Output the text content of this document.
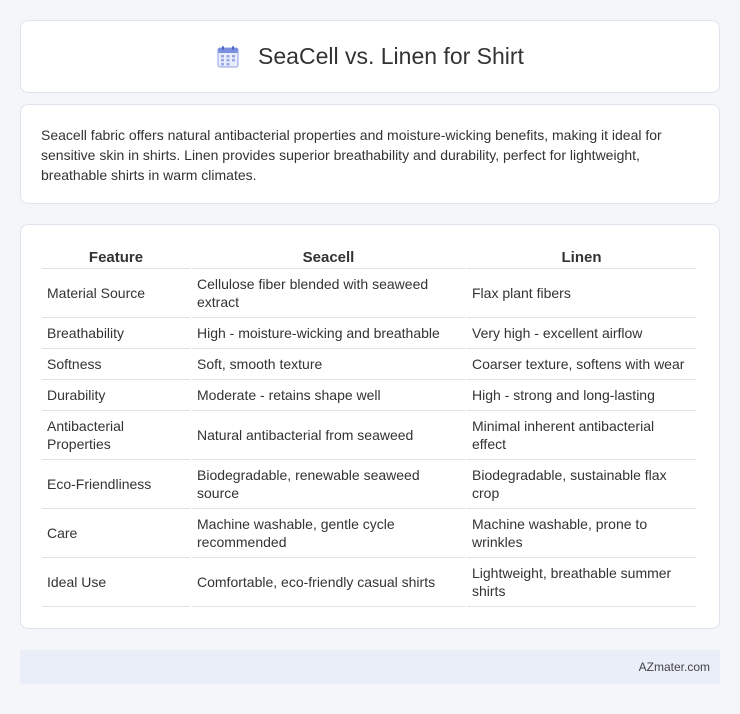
SeaCell vs. Linen for Shirt

Seacell fabric offers natural antibacterial properties and moisture-wicking benefits, making it ideal for sensitive skin in shirts. Linen provides superior breathability and durability, perfect for lightweight, breathable shirts in warm climates.

Feature	Seacell	Linen
Material Source	Cellulose fiber blended with seaweed extract	Flax plant fibers
Breathability	High - moisture-wicking and breathable	Very high - excellent airflow
Softness	Soft, smooth texture	Coarser texture, softens with wear
Durability	Moderate - retains shape well	High - strong and long-lasting
Antibacterial Properties	Natural antibacterial from seaweed	Minimal inherent antibacterial effect
Eco-Friendliness	Biodegradable, renewable seaweed source	Biodegradable, sustainable flax crop
Care	Machine washable, gentle cycle recommended	Machine washable, prone to wrinkles
Ideal Use	Comfortable, eco-friendly casual shirts	Lightweight, breathable summer shirts
AZmater.com
